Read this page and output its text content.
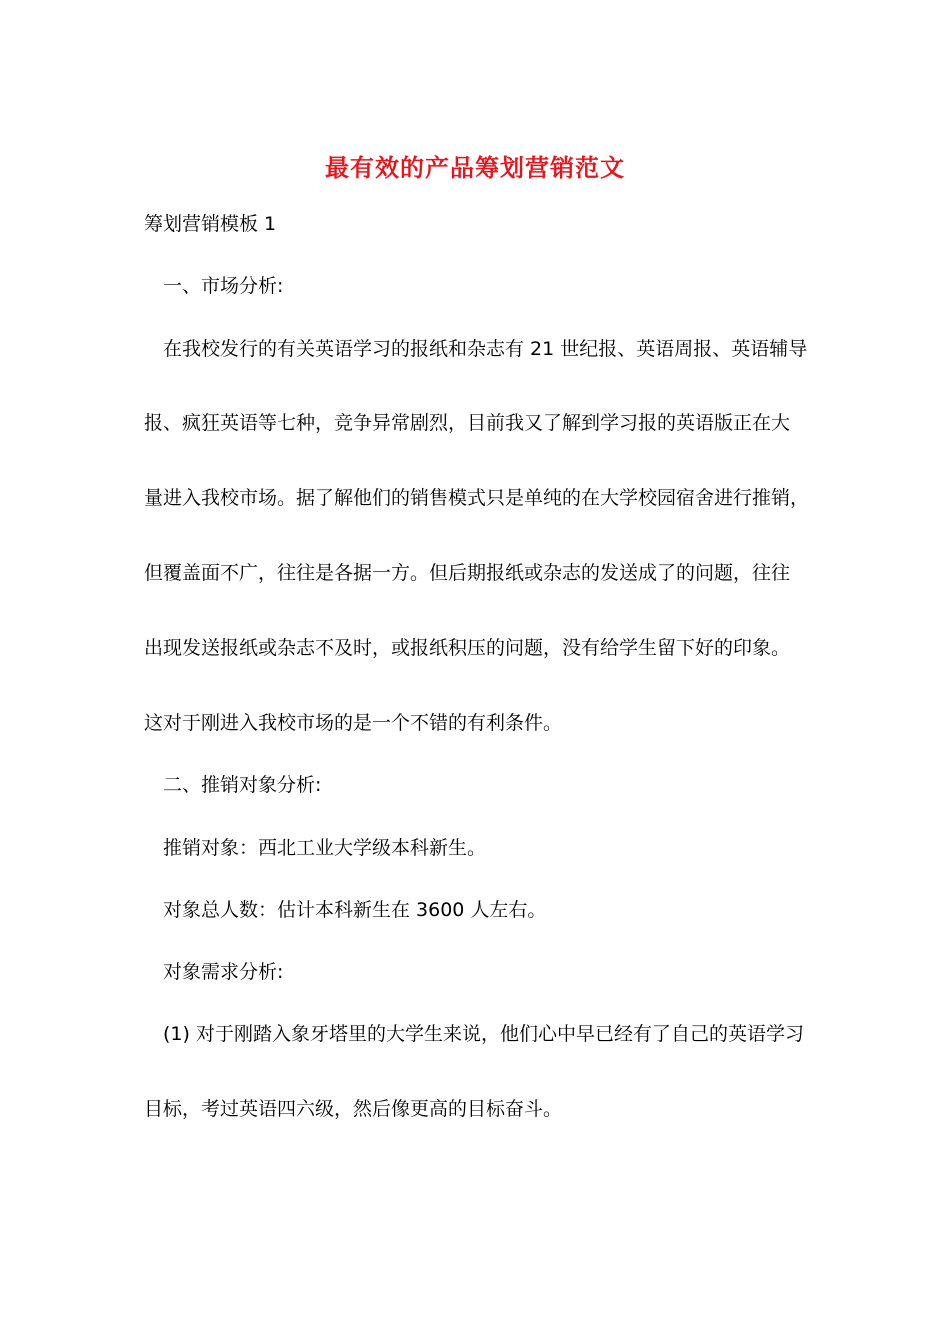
最有效的产品筹划营销范文
筹划营销模板 1
一、市场分析:
在我校发行的有关英语学习的报纸和杂志有 21 世纪报、英语周报、英语辅导
报、疯狂英语等七种，竞争异常剧烈，目前我又了解到学习报的英语版正在大
量进入我校市场。据了解他们的销售模式只是单纯的在大学校园宿舍进行推销，
但覆盖面不广，往往是各据一方。但后期报纸或杂志的发送成了的问题，往往
出现发送报纸或杂志不及时，或报纸积压的问题，没有给学生留下好的印象。
这对于刚进入我校市场的是一个不错的有利条件。
二、推销对象分析:
推销对象：西北工业大学级本科新生。
对象总人数：估计本科新生在 3600 人左右。
对象需求分析:
(1) 对于刚踏入象牙塔里的大学生来说，他们心中早已经有了自己的英语学习
目标，考过英语四六级，然后像更高的目标奋斗。
